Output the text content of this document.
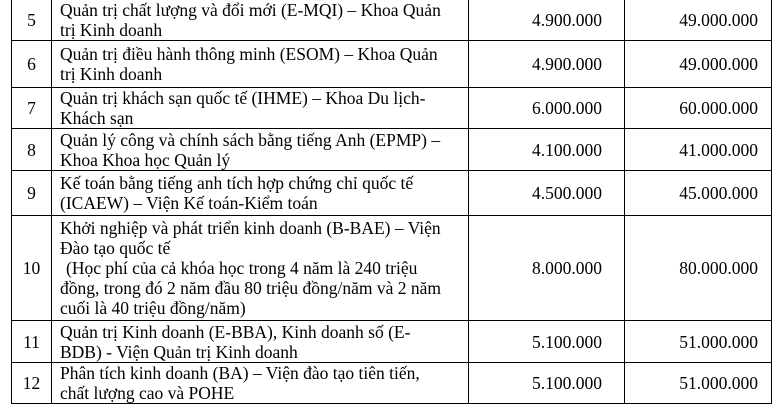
5	Quản trị chất lượng và đổi mới (E-MQI) – Khoa Quản
trị Kinh doanh	4.900.000	49.000.000
6	Quản trị điều hành thông minh (ESOM) – Khoa Quản
trị Kinh doanh	4.900.000	49.000.000
7	Quản trị khách sạn quốc tế (IHME) – Khoa Du lịch-
Khách sạn	6.000.000	60.000.000
8	Quản lý công và chính sách bằng tiếng Anh (EPMP) –
Khoa Khoa học Quản lý	4.100.000	41.000.000
9	Kế toán bằng tiếng anh tích hợp chứng chỉ quốc tế
(ICAEW) – Viện Kế toán-Kiểm toán	4.500.000	45.000.000
10	Khởi nghiệp và phát triển kinh doanh (B-BAE) – Viện
Đào tạo quốc tế
(Học phí của cả khóa học trong 4 năm là 240 triệu
đồng, trong đó 2 năm đầu 80 triệu đồng/năm và 2 năm
cuối là 40 triệu đồng/năm)	8.000.000	80.000.000
11	Quản trị Kinh doanh (E-BBA), Kinh doanh số (E-
BDB) - Viện Quản trị Kinh doanh	5.100.000	51.000.000
12	Phân tích kinh doanh (BA) – Viện đào tạo tiên tiến,
chất lượng cao và POHE	5.100.000	51.000.000
